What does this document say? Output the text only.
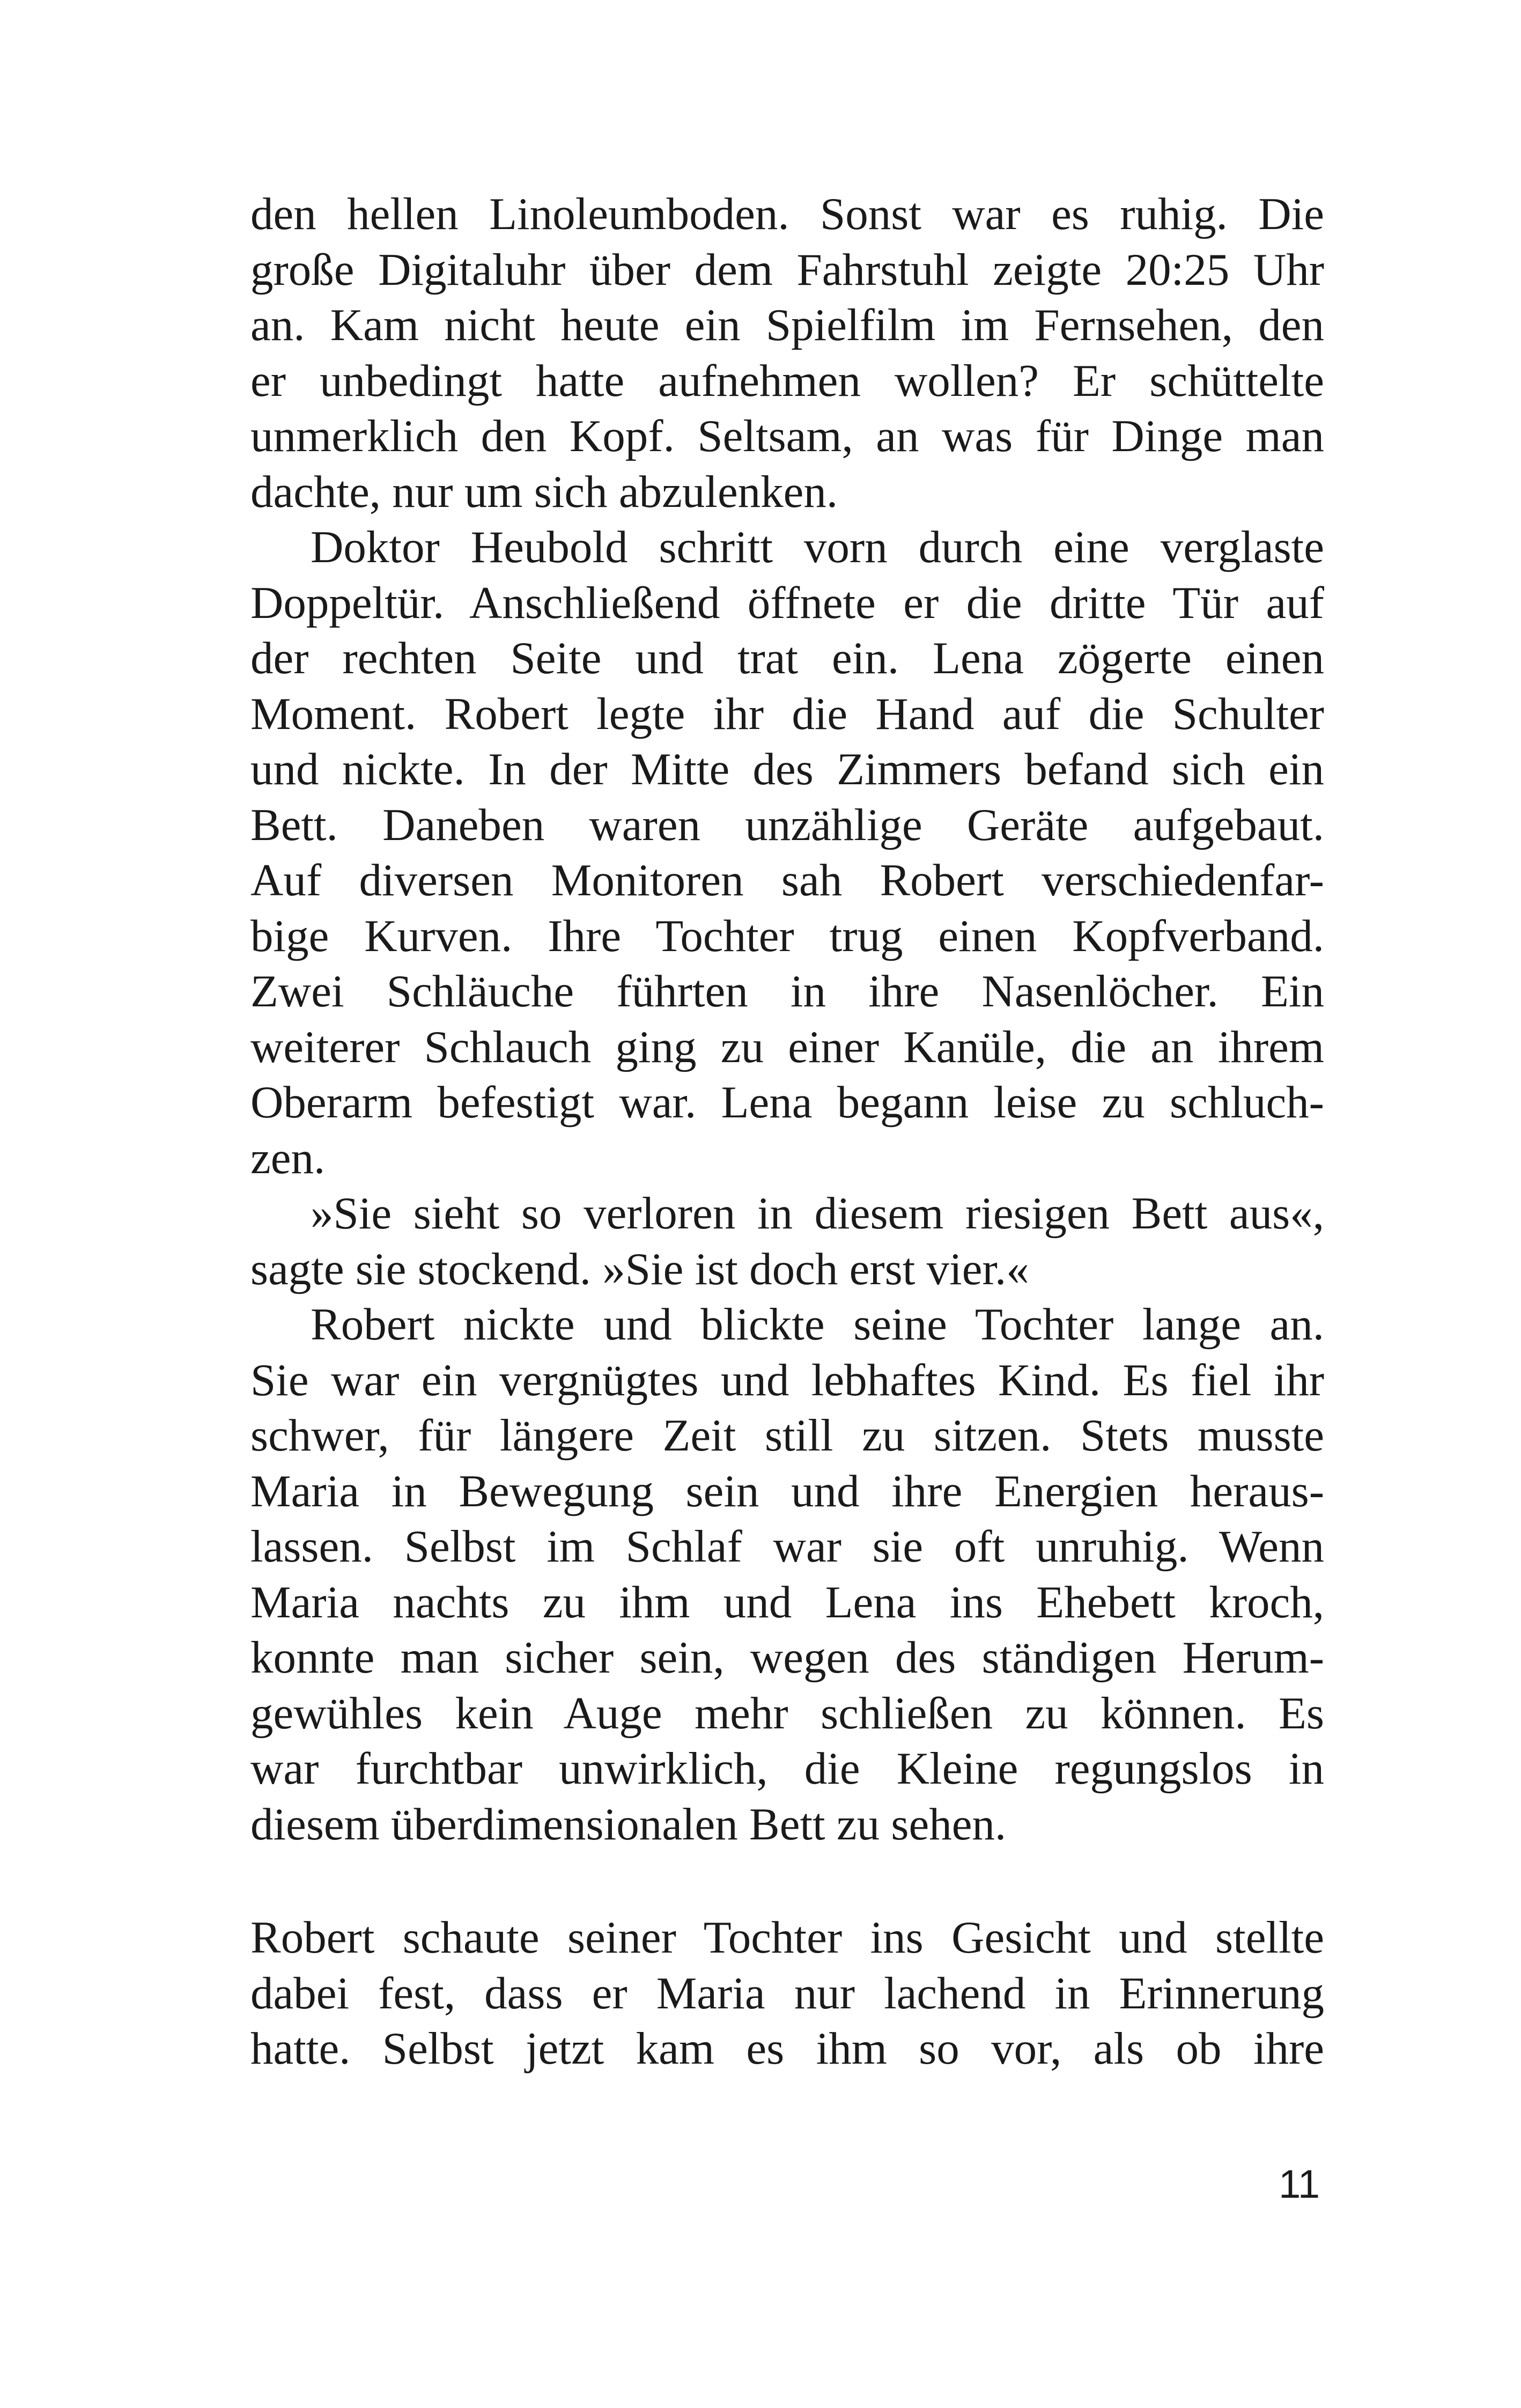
den hellen Linoleumboden. Sonst war es ruhig. Die
große Digitaluhr über dem Fahrstuhl zeigte 20:25 Uhr
an. Kam nicht heute ein Spielfilm im Fernsehen, den
er unbedingt hatte aufnehmen wollen? Er schüttelte
unmerklich den Kopf. Seltsam, an was für Dinge man
dachte, nur um sich abzulenken.
Doktor Heubold schritt vorn durch eine verglaste
Doppeltür. Anschließend öffnete er die dritte Tür auf
der rechten Seite und trat ein. Lena zögerte einen
Moment. Robert legte ihr die Hand auf die Schulter
und nickte. In der Mitte des Zimmers befand sich ein
Bett. Daneben waren unzählige Geräte aufgebaut.
Auf diversen Monitoren sah Robert verschiedenfar-
bige Kurven. Ihre Tochter trug einen Kopfverband.
Zwei Schläuche führten in ihre Nasenlöcher. Ein
weiterer Schlauch ging zu einer Kanüle, die an ihrem
Oberarm befestigt war. Lena begann leise zu schluch-
zen.
»Sie sieht so verloren in diesem riesigen Bett aus«,
sagte sie stockend. »Sie ist doch erst vier.«
Robert nickte und blickte seine Tochter lange an.
Sie war ein vergnügtes und lebhaftes Kind. Es fiel ihr
schwer, für längere Zeit still zu sitzen. Stets musste
Maria in Bewegung sein und ihre Energien heraus-
lassen. Selbst im Schlaf war sie oft unruhig. Wenn
Maria nachts zu ihm und Lena ins Ehebett kroch,
konnte man sicher sein, wegen des ständigen Herum-
gewühles kein Auge mehr schließen zu können. Es
war furchtbar unwirklich, die Kleine regungslos in
diesem überdimensionalen Bett zu sehen.
Robert schaute seiner Tochter ins Gesicht und stellte
dabei fest, dass er Maria nur lachend in Erinnerung
hatte. Selbst jetzt kam es ihm so vor, als ob ihre
11
